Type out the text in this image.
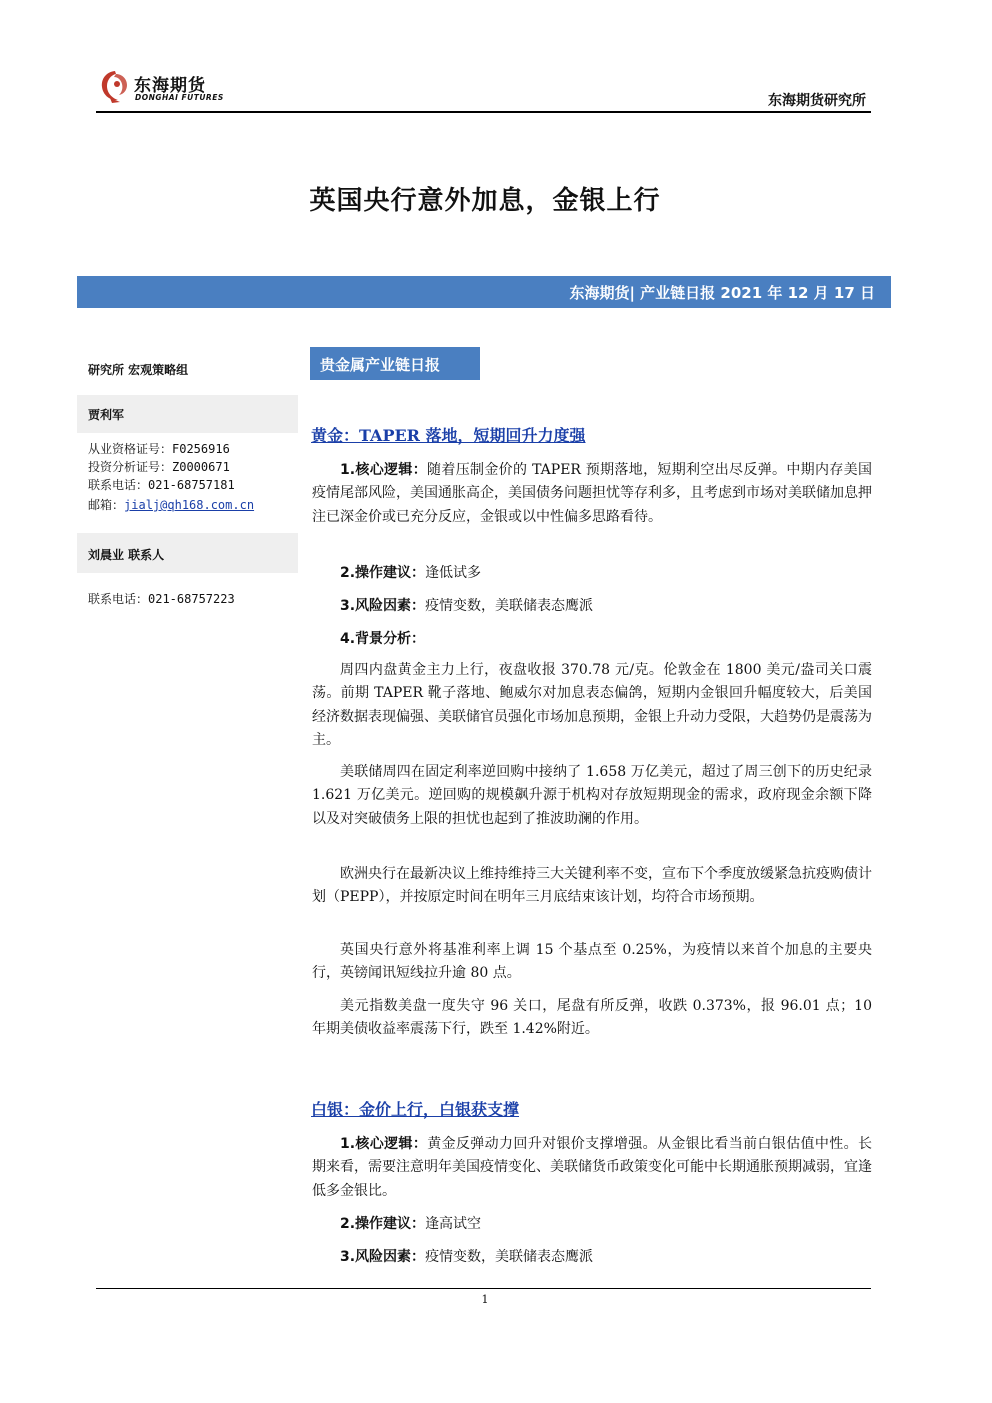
东海期货
DONGHAI FUTURES	东海期货研究所
英国央行意外加息，金银上行
东海期货| 产业链日报 2021 年 12 月 17 日
研究所 宏观策略组
贾利军
从业资格证号：F0256916
投资分析证号：Z0000671
联系电话：021-68757181
邮箱：jialj@qh168.com.cn
刘晨业 联系人
联系电话：021-68757223
贵金属产业链日报
黄金：TAPER 落地，短期回升力度强
1.核心逻辑：随着压制金价的 TAPER 预期落地，短期利空出尽反弹。中期内存美国疫情尾部风险，美国通胀高企，美国债务问题担忧等存利多，且考虑到市场对美联储加息押注已深金价或已充分反应，金银或以中性偏多思路看待。
2.操作建议：逢低试多
3.风险因素：疫情变数，美联储表态鹰派
4.背景分析：
周四内盘黄金主力上行，夜盘收报 370.78 元/克。伦敦金在 1800 美元/盎司关口震荡。前期 TAPER 靴子落地、鲍威尔对加息表态偏鸽，短期内金银回升幅度较大，后美国经济数据表现偏强、美联储官员强化市场加息预期，金银上升动力受限，大趋势仍是震荡为主。
美联储周四在固定利率逆回购中接纳了 1.658 万亿美元，超过了周三创下的历史纪录 1.621 万亿美元。逆回购的规模飙升源于机构对存放短期现金的需求，政府现金余额下降以及对突破债务上限的担忧也起到了推波助澜的作用。
欧洲央行在最新决议上维持维持三大关键利率不变，宣布下个季度放缓紧急抗疫购债计划（PEPP），并按原定时间在明年三月底结束该计划，均符合市场预期。
英国央行意外将基准利率上调 15 个基点至 0.25%，为疫情以来首个加息的主要央行，英镑闻讯短线拉升逾 80 点。
美元指数美盘一度失守 96 关口，尾盘有所反弹，收跌 0.373%，报 96.01 点；10 年期美债收益率震荡下行，跌至 1.42%附近。
白银：金价上行，白银获支撑
1.核心逻辑：黄金反弹动力回升对银价支撑增强。从金银比看当前白银估值中性。长期来看，需要注意明年美国疫情变化、美联储货币政策变化可能中长期通胀预期减弱，宜逢低多金银比。
2.操作建议：逢高试空
3.风险因素：疫情变数，美联储表态鹰派
1
